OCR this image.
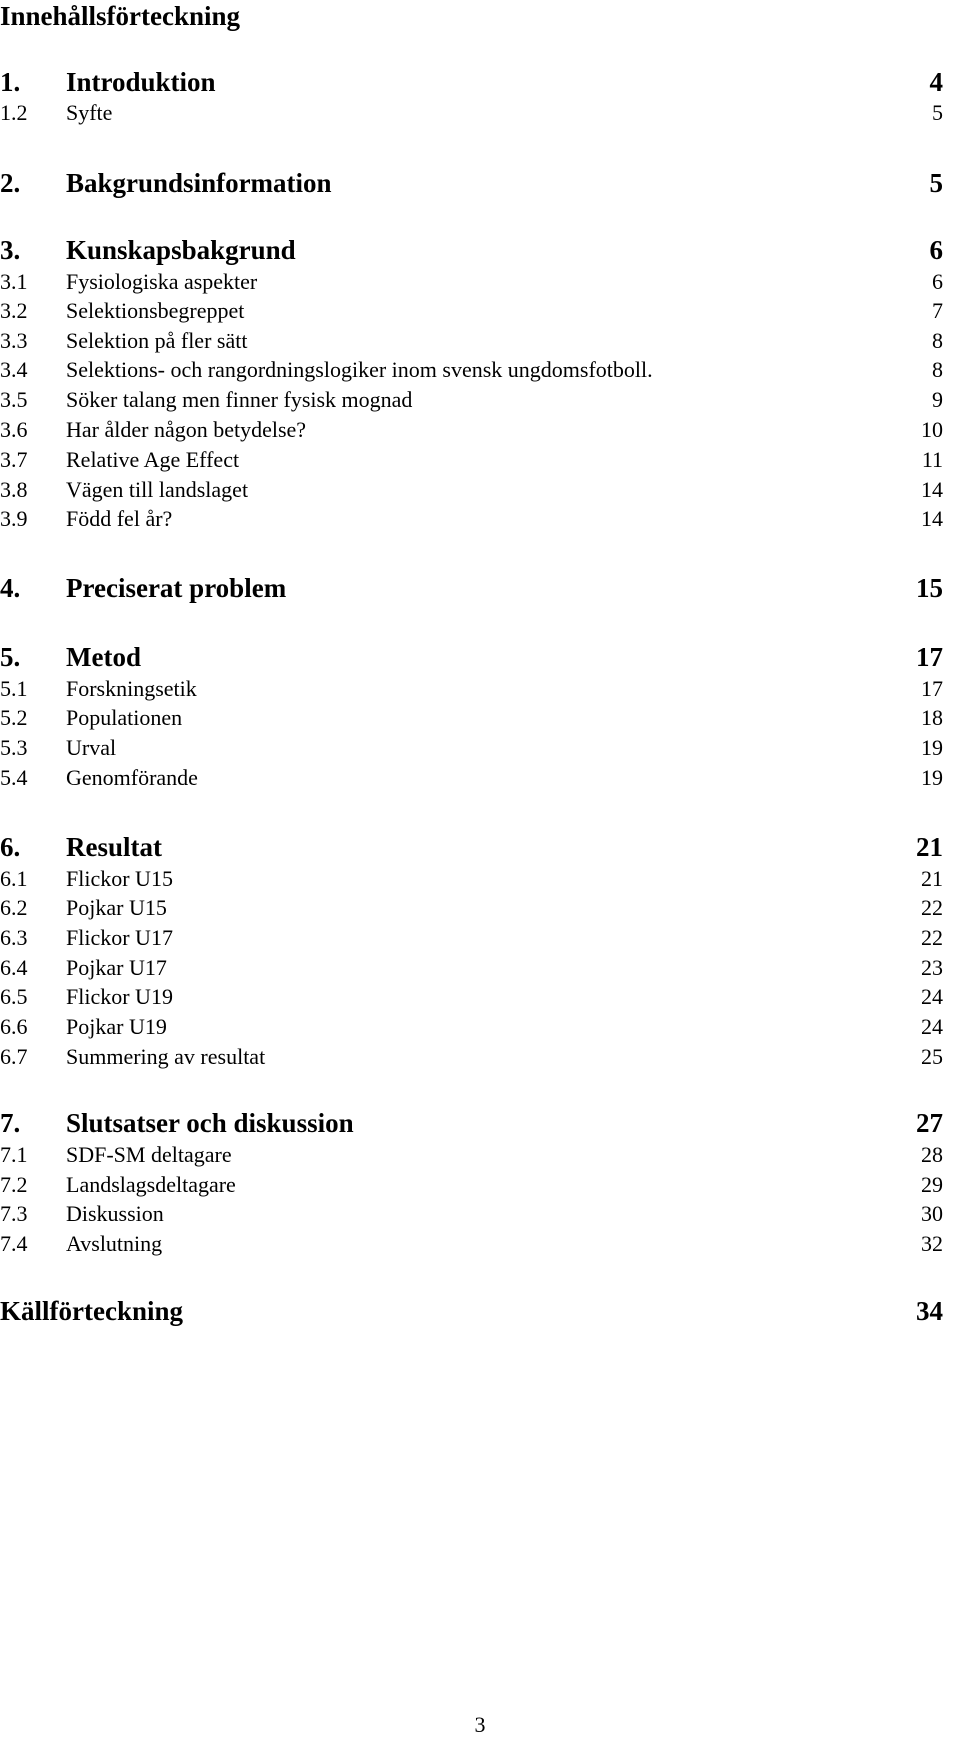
Innehållsförteckning
1. Introduktion	4
1.2 Syfte	5
2. Bakgrundsinformation	5
3. Kunskapsbakgrund	6
3.1 Fysiologiska aspekter	6
3.2 Selektionsbegreppet	7
3.3 Selektion på fler sätt	8
3.4 Selektions- och rangordningslogiker inom svensk ungdomsfotboll.	8
3.5 Söker talang men finner fysisk mognad	9
3.6 Har ålder någon betydelse?	10
3.7 Relative Age Effect	11
3.8 Vägen till landslaget	14
3.9 Född fel år?	14
4. Preciserat problem	15
5. Metod	17
5.1 Forskningsetik	17
5.2 Populationen	18
5.3 Urval	19
5.4 Genomförande	19
6. Resultat	21
6.1 Flickor U15	21
6.2 Pojkar U15	22
6.3 Flickor U17	22
6.4 Pojkar U17	23
6.5 Flickor U19	24
6.6 Pojkar U19	24
6.7 Summering av resultat	25
7. Slutsatser och diskussion	27
7.1 SDF-SM deltagare	28
7.2 Landslagsdeltagare	29
7.3 Diskussion	30
7.4 Avslutning	32
Källförteckning	34
3
